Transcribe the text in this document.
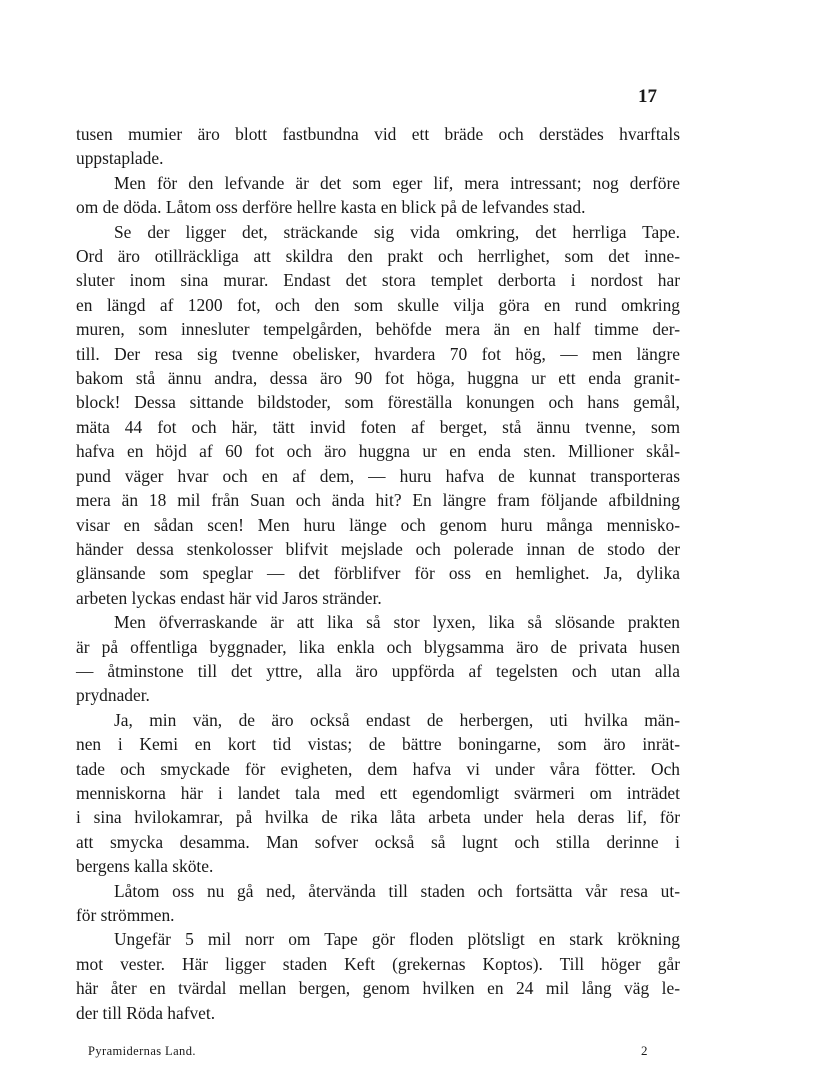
17
tusen mumier äro blott fastbundna vid ett bräde och derstädes hvarftals
uppstaplade.
Men för den lefvande är det som eger lif, mera intressant; nog derföre
om de döda. Låtom oss derföre hellre kasta en blick på de lefvandes stad.
Se der ligger det, sträckande sig vida omkring, det herrliga Tape.
Ord äro otillräckliga att skildra den prakt och herrlighet, som det inne-
sluter inom sina murar. Endast det stora templet derborta i nordost har
en längd af 1200 fot, och den som skulle vilja göra en rund omkring
muren, som innesluter tempelgården, behöfde mera än en half timme der-
till. Der resa sig tvenne obelisker, hvardera 70 fot hög, — men längre
bakom stå ännu andra, dessa äro 90 fot höga, huggna ur ett enda granit-
block! Dessa sittande bildstoder, som föreställa konungen och hans gemål,
mäta 44 fot och här, tätt invid foten af berget, stå ännu tvenne, som
hafva en höjd af 60 fot och äro huggna ur en enda sten. Millioner skål-
pund väger hvar och en af dem, — huru hafva de kunnat transporteras
mera än 18 mil från Suan och ända hit? En längre fram följande afbildning
visar en sådan scen! Men huru länge och genom huru många mennisko-
händer dessa stenkolosser blifvit mejslade och polerade innan de stodo der
glänsande som speglar — det förblifver för oss en hemlighet. Ja, dylika
arbeten lyckas endast här vid Jaros stränder.
Men öfverraskande är att lika så stor lyxen, lika så slösande prakten
är på offentliga byggnader, lika enkla och blygsamma äro de privata husen
— åtminstone till det yttre, alla äro uppförda af tegelsten och utan alla
prydnader.
Ja, min vän, de äro också endast de herbergen, uti hvilka män-
nen i Kemi en kort tid vistas; de bättre boningarne, som äro inrät-
tade och smyckade för evigheten, dem hafva vi under våra fötter. Och
menniskorna här i landet tala med ett egendomligt svärmeri om inträdet
i sina hvilokamrar, på hvilka de rika låta arbeta under hela deras lif, för
att smycka desamma. Man sofver också så lugnt och stilla derinne i
bergens kalla sköte.
Låtom oss nu gå ned, återvända till staden och fortsätta vår resa ut-
för strömmen.
Ungefär 5 mil norr om Tape gör floden plötsligt en stark krökning
mot vester. Här ligger staden Keft (grekernas Koptos). Till höger går
här åter en tvärdal mellan bergen, genom hvilken en 24 mil lång väg le-
der till Röda hafvet.
Pyramidernas Land.	2
